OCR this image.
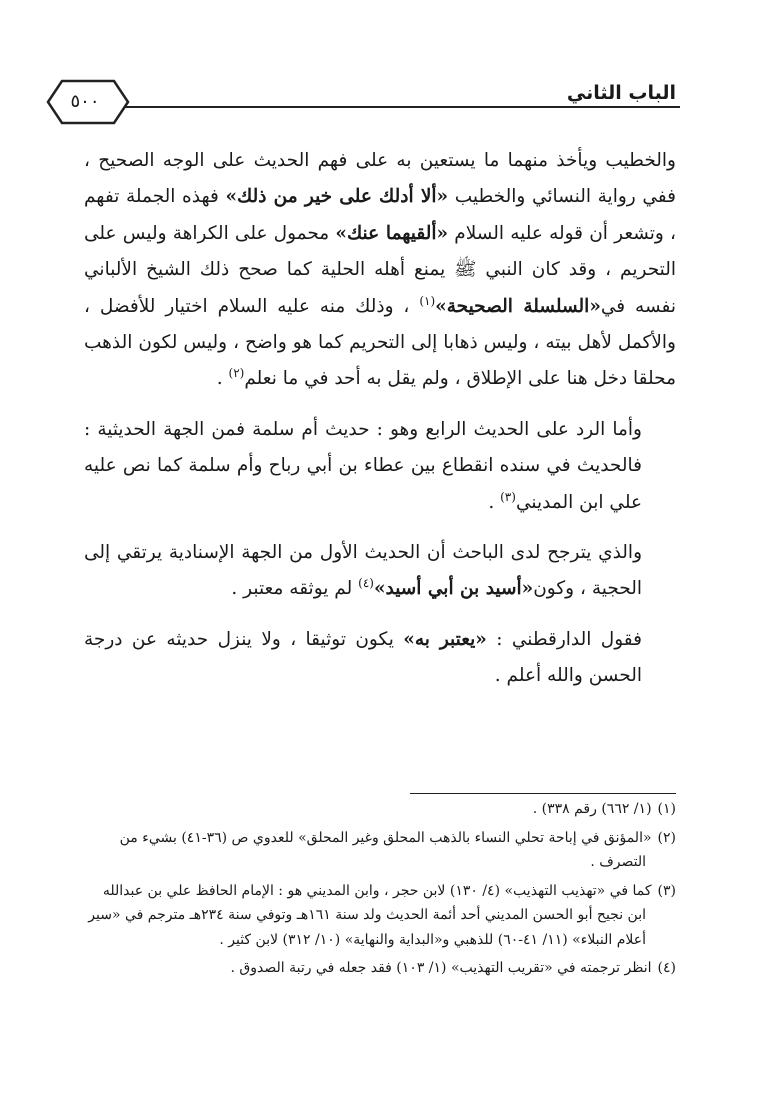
الباب الثاني
٥٠٠

والخطيب ويأخذ منهما ما يستعين به على فهم الحديث على الوجه الصحيح ، ففي رواية النسائي والخطيب «ألا أدلك على خير من ذلك» فهذه الجملة تفهم ، وتشعر أن قوله عليه السلام «ألقيهما عنك» محمول على الكراهة وليس على التحريم ، وقد كان النبي ﷺ يمنع أهله الحلية كما صحح ذلك الشيخ الألباني نفسه في«السلسلة الصحيحة»$^{(١)}$ ، وذلك منه عليه السلام اختيار للأفضل ، والأكمل لأهل بيته ، وليس ذهابا إلى التحريم كما هو واضح ، وليس لكون الذهب محلقا دخل هنا على الإطلاق ، ولم يقل به أحد في ما نعلم$^{(٢)}$ .

وأما الرد على الحديث الرابع وهو : حديث أم سلمة فمن الجهة الحديثية : فالحديث في سنده انقطاع بين عطاء بن أبي رباح وأم سلمة كما نص عليه علي ابن المديني$^{(٣)}$ .

والذي يترجح لدى الباحث أن الحديث الأول من الجهة الإسنادية يرتقي إلى الحجية ، وكون«أسيد بن أبي أسيد»$^{(٤)}$ لم يوثقه معتبر .

فقول الدارقطني : «يعتبر به» يكون توثيقا ، ولا ينزل حديثه عن درجة الحسن والله أعلم .

(١)(١/ ٦٦٢) رقم ٣٣٨) .
(٢)«المؤنق في إباحة تحلي النساء بالذهب المحلق وغير المحلق» للعدوي ص (٣٦-٤١) بشيء من
التصرف .
(٣)كما في «تهذيب التهذيب» (٤/ ١٣٠) لابن حجر ، وابن المديني هو : الإمام الحافظ علي بن عبدالله
ابن نجيح أبو الحسن المديني أحد أئمة الحديث ولد سنة ١٦١هـ وتوفي سنة ٢٣٤هـ مترجم في «سير أعلام النبلاء» (١١/ ٤١-٦٠) للذهبي و«البداية والنهاية» (١٠/ ٣١٢) لابن كثير .
(٤)انظر ترجمته في «تقريب التهذيب» (١/ ١٠٣) فقد جعله في رتبة الصدوق .
